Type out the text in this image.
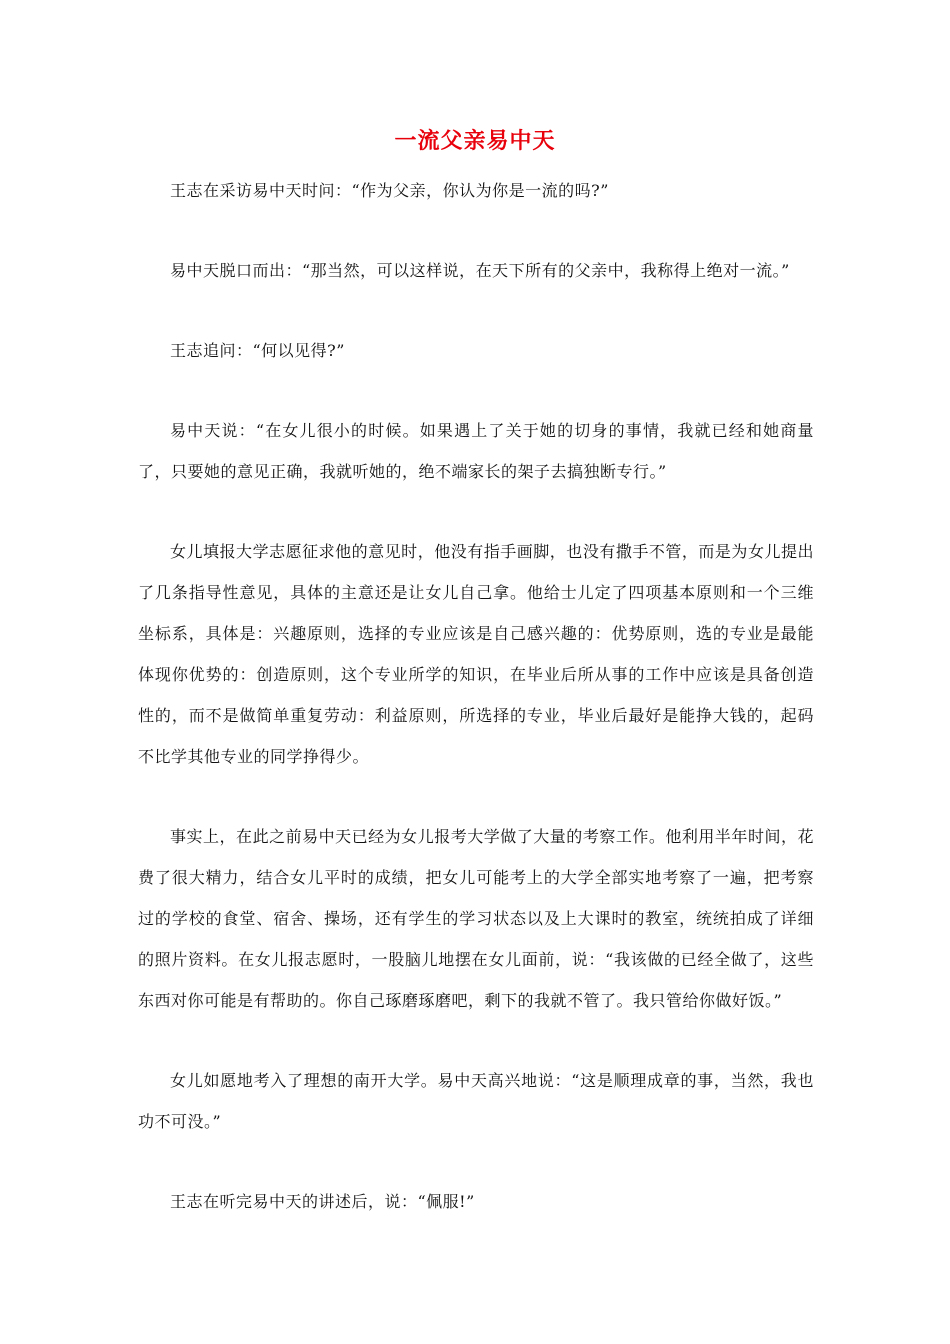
一流父亲易中天

王志在采访易中天时问：“作为父亲，你认为你是一流的吗?”

易中天脱口而出：“那当然，可以这样说，在天下所有的父亲中，我称得上绝对一流。”

王志追问：“何以见得?”

易中天说：“在女儿很小的时候。如果遇上了关于她的切身的事情，我就已经和她商量了，只要她的意见正确，我就听她的，绝不端家长的架子去搞独断专行。”

女儿填报大学志愿征求他的意见时，他没有指手画脚，也没有撒手不管，而是为女儿提出了几条指导性意见，具体的主意还是让女儿自己拿。他给士儿定了四项基本原则和一个三维坐标系，具体是：兴趣原则，选择的专业应该是自己感兴趣的：优势原则，选的专业是最能体现你优势的：创造原则，这个专业所学的知识，在毕业后所从事的工作中应该是具备创造性的，而不是做简单重复劳动：利益原则，所选择的专业，毕业后最好是能挣大钱的，起码不比学其他专业的同学挣得少。

事实上，在此之前易中天已经为女儿报考大学做了大量的考察工作。他利用半年时间，花费了很大精力，结合女儿平时的成绩，把女儿可能考上的大学全部实地考察了一遍，把考察过的学校的食堂、宿舍、操场，还有学生的学习状态以及上大课时的教室，统统拍成了详细的照片资料。在女儿报志愿时，一股脑儿地摆在女儿面前，说：“我该做的已经全做了，这些东西对你可能是有帮助的。你自己琢磨琢磨吧，剩下的我就不管了。我只管给你做好饭。”

女儿如愿地考入了理想的南开大学。易中天高兴地说：“这是顺理成章的事，当然，我也功不可没。”

王志在听完易中天的讲述后，说：“佩服!”
